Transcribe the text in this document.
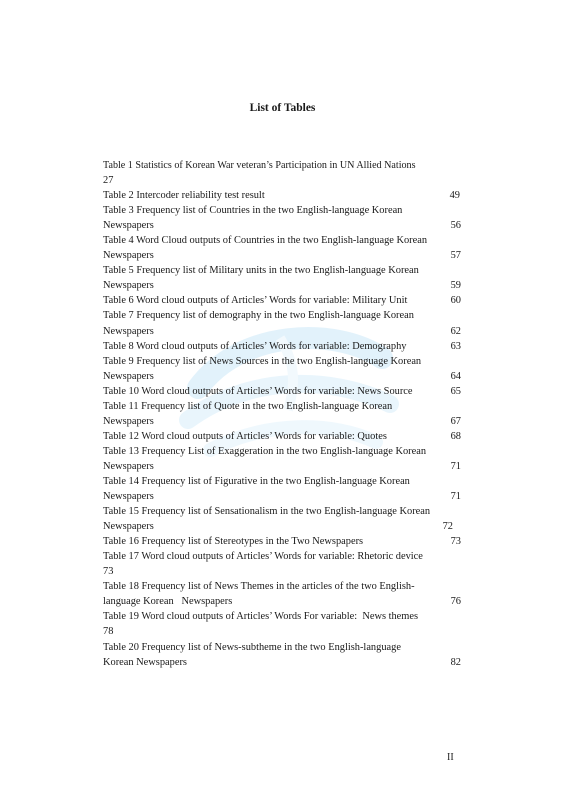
List of Tables
Table 1 Statistics of Korean War veteran’s Participation in UN Allied Nations
27
Table 2 Intercoder reliability test result	49
Table 3 Frequency list of Countries in the two English-language Korean
Newspapers	56
Table 4 Word Cloud outputs of Countries in the two English-language Korean
Newspapers	57
Table 5 Frequency list of Military units in the two English-language Korean
Newspapers	59
Table 6 Word cloud outputs of Articles’ Words for variable: Military Unit	60
Table 7 Frequency list of demography in the two English-language Korean
Newspapers	62
Table 8 Word cloud outputs of Articles’ Words for variable: Demography	63
Table 9 Frequency list of News Sources in the two English-language Korean
Newspapers	64
Table 10 Word cloud outputs of Articles’ Words for variable: News Source	65
Table 11 Frequency list of Quote in the two English-language Korean
Newspapers	67
Table 12 Word cloud outputs of Articles’ Words for variable: Quotes	68
Table 13 Frequency List of Exaggeration in the two English-language Korean
Newspapers	71
Table 14 Frequency list of Figurative in the two English-language Korean
Newspapers	71
Table 15 Frequency list of Sensationalism in the two English-language Korean
Newspapers	72
Table 16 Frequency list of Stereotypes in the Two Newspapers	73
Table 17 Word cloud outputs of Articles’ Words for variable: Rhetoric device
73
Table 18 Frequency list of News Themes in the articles of the two English-
language Korean  Newspapers	76
Table 19 Word cloud outputs of Articles’ Words For variable: News themes
78
Table 20 Frequency list of News-subtheme in the two English-language
Korean Newspapers	82
II
